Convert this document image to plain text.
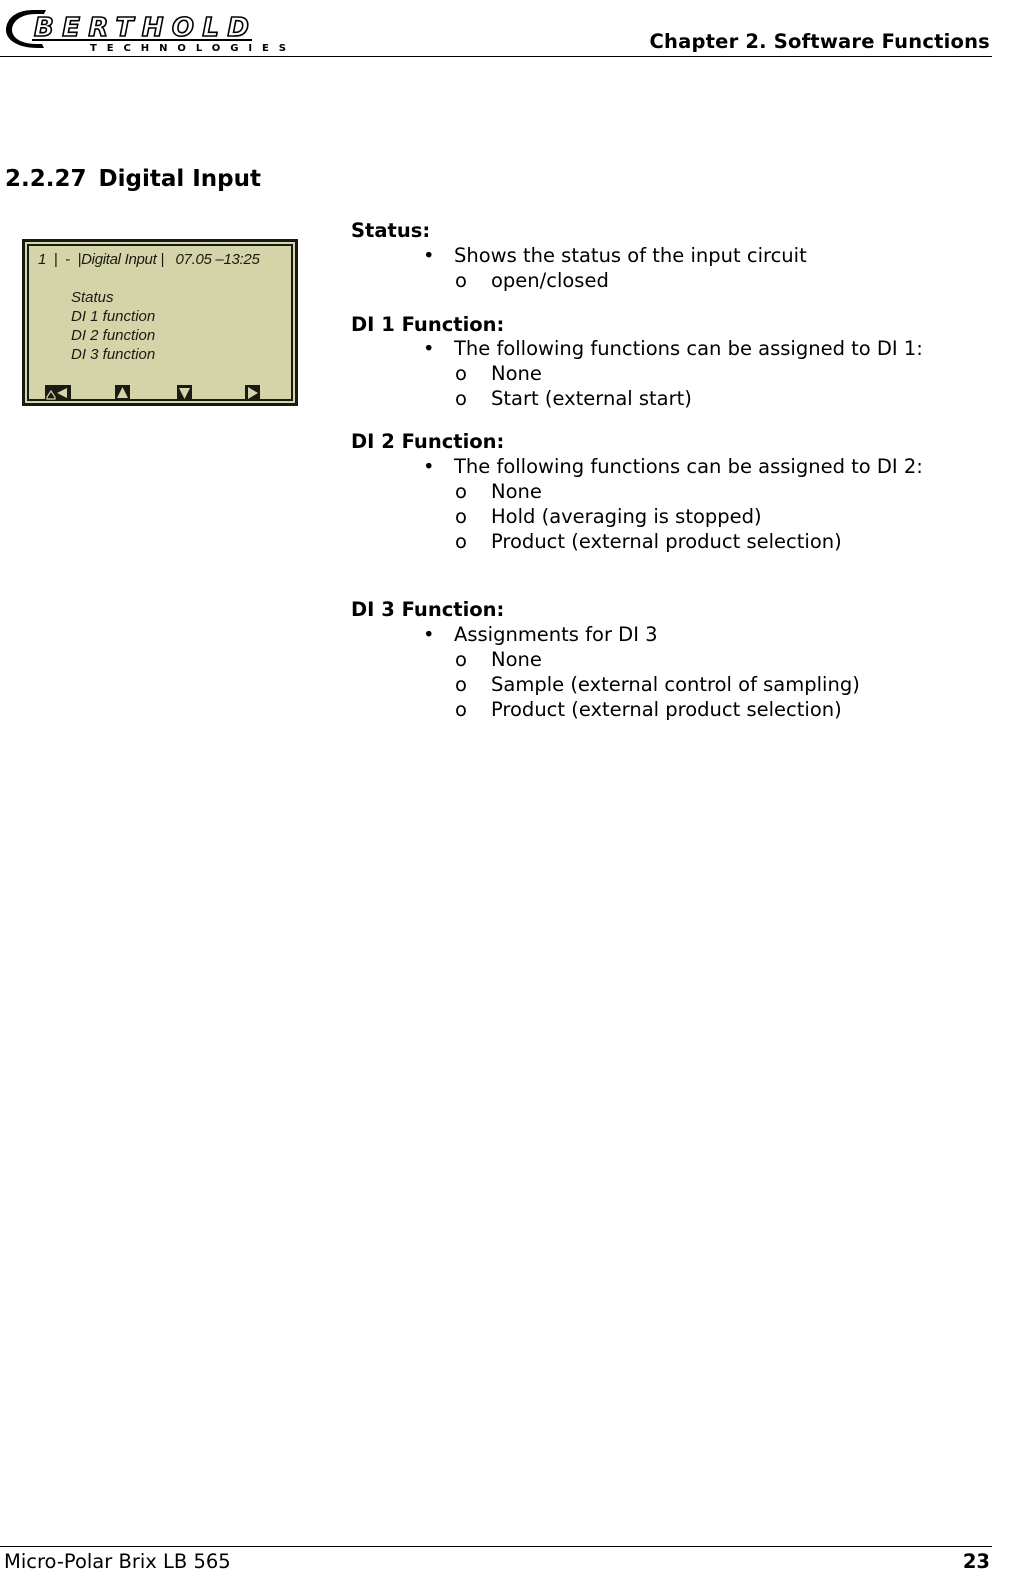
BERTHOLD
TECHNOLOGIES	Chapter 2. Software Functions
2.2.27 Digital Input
1  |  -  |Digital Input |   07.05 –13:25
Status
DI 1 function
DI 2 function
DI 3 function
Status:
• Shows the status of the input circuit
o open/closed
DI 1 Function:
• The following functions can be assigned to DI 1:
o None
o Start (external start)
DI 2 Function:
• The following functions can be assigned to DI 2:
o None
o Hold (averaging is stopped)
o Product (external product selection)
DI 3 Function:
• Assignments for DI 3
o None
o Sample (external control of sampling)
o Product (external product selection)
Micro-Polar Brix LB 565	23
